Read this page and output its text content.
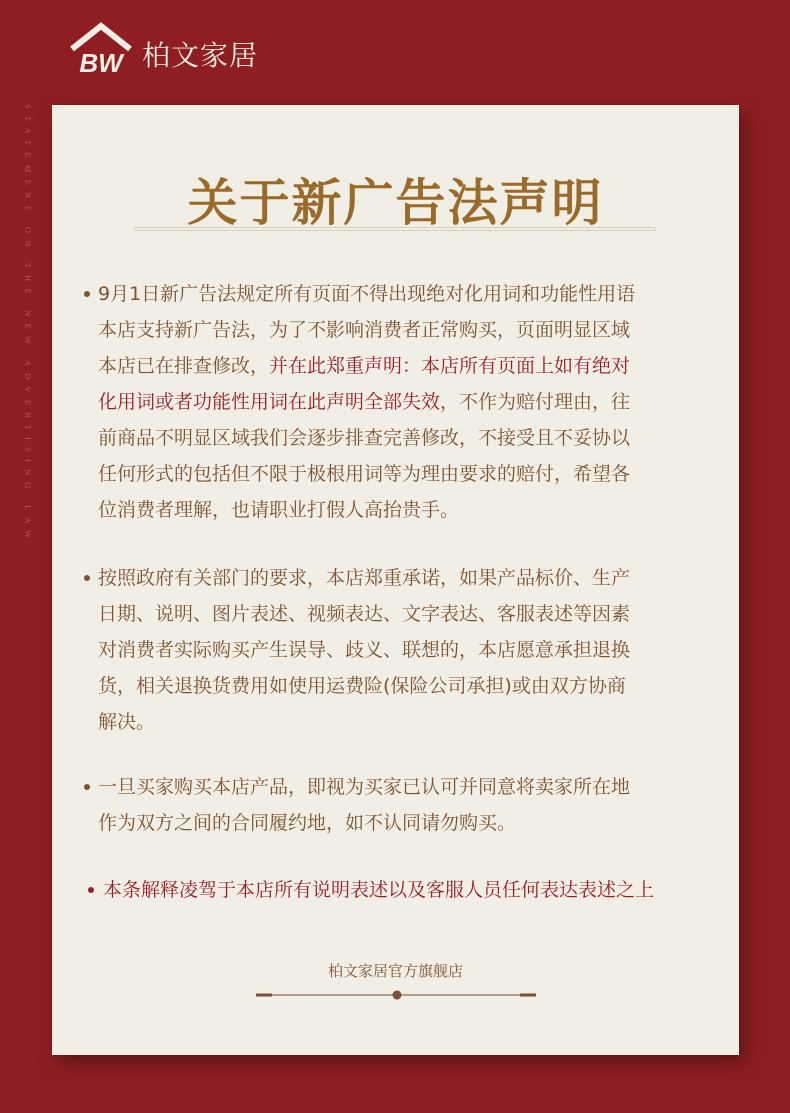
BW 柏文家居
STATEMENT ON THE NEW ADVERTISING LAW	关于新广告法声明

9月1日新广告法规定所有页面不得出现绝对化用词和功能性用语
本店支持新广告法，为了不影响消费者正常购买，页面明显区域
本店已在排查修改，并在此郑重声明：本店所有页面上如有绝对
化用词或者功能性用词在此声明全部失效，不作为赔付理由，往
前商品不明显区域我们会逐步排查完善修改，不接受且不妥协以
任何形式的包括但不限于极根用词等为理由要求的赔付，希望各
位消费者理解，也请职业打假人高抬贵手。

按照政府有关部门的要求，本店郑重承诺，如果产品标价、生产
日期、说明、图片表述、视频表达、文字表达、客服表述等因素
对消费者实际购买产生误导、歧义、联想的，本店愿意承担退换
货，相关退换货费用如使用运费险(保险公司承担)或由双方协商
解决。

一旦买家购买本店产品，即视为买家已认可并同意将卖家所在地
作为双方之间的合同履约地，如不认同请勿购买。

本条解释凌驾于本店所有说明表述以及客服人员任何表达表述之上
柏文家居官方旗舰店
